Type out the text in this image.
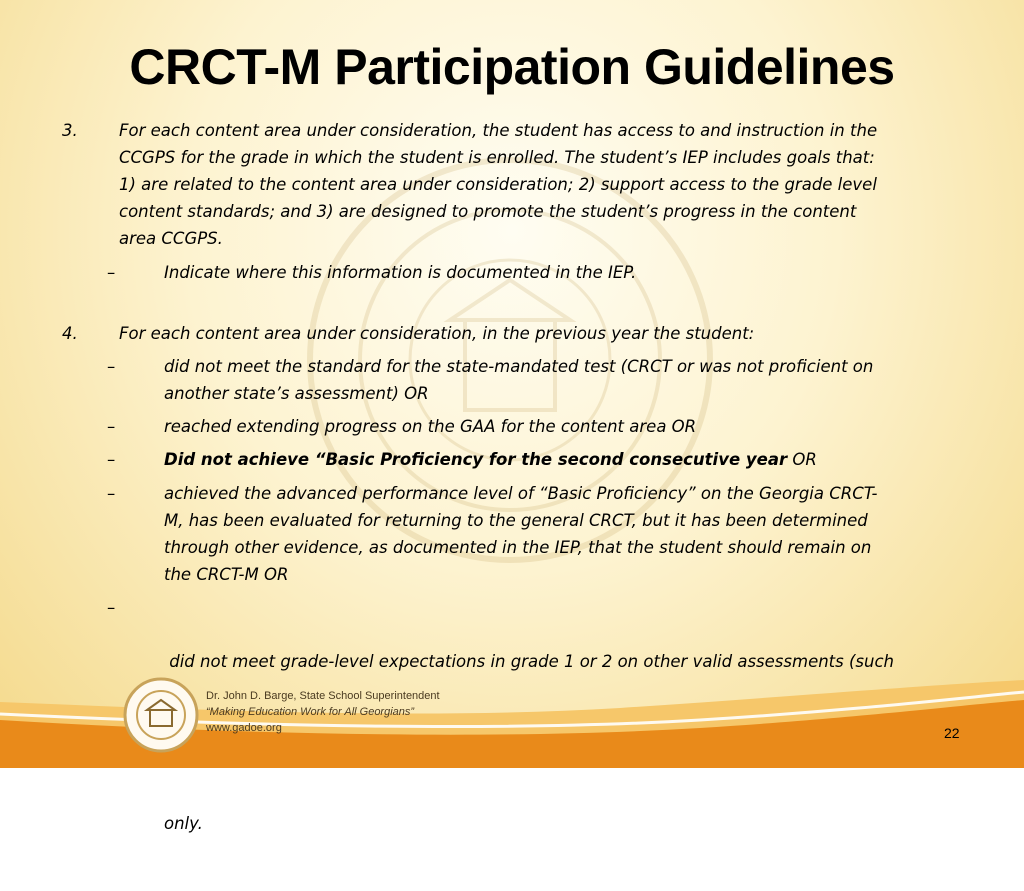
CRCT-M Participation Guidelines
3.	For each content area under consideration, the student has access to and instruction in the
CCGPS for the grade in which the student is enrolled. The student’s IEP includes goals that:
1) are related to the content area under consideration; 2) support access to the grade level
content standards; and 3) are designed to promote the student’s progress in the content
area CCGPS.
–	Indicate where this information is documented in the IEP.
4.	For each content area under consideration, in the previous year the student:
–	did not meet the standard for the state-mandated test (CRCT or was not proficient on
another state’s assessment) OR
–	reached extending progress on the GAA for the content area OR
–	Did not achieve “Basic Proficiency for the second consecutive year OR
–	achieved the advanced performance level of “Basic Proficiency” on the Georgia CRCT-
M, has been evaluated for returning to the general CRCT, but it has been determined
through other evidence, as documented in the IEP, that the student should remain on
the CRCT-M OR
–

did not meet grade-level expectations in grade 1 or 2 on other valid assessments (such

only.

Dr. John D. Barge, State School Superintendent
“Making Education Work for All Georgians”
www.gadoe.org	22
